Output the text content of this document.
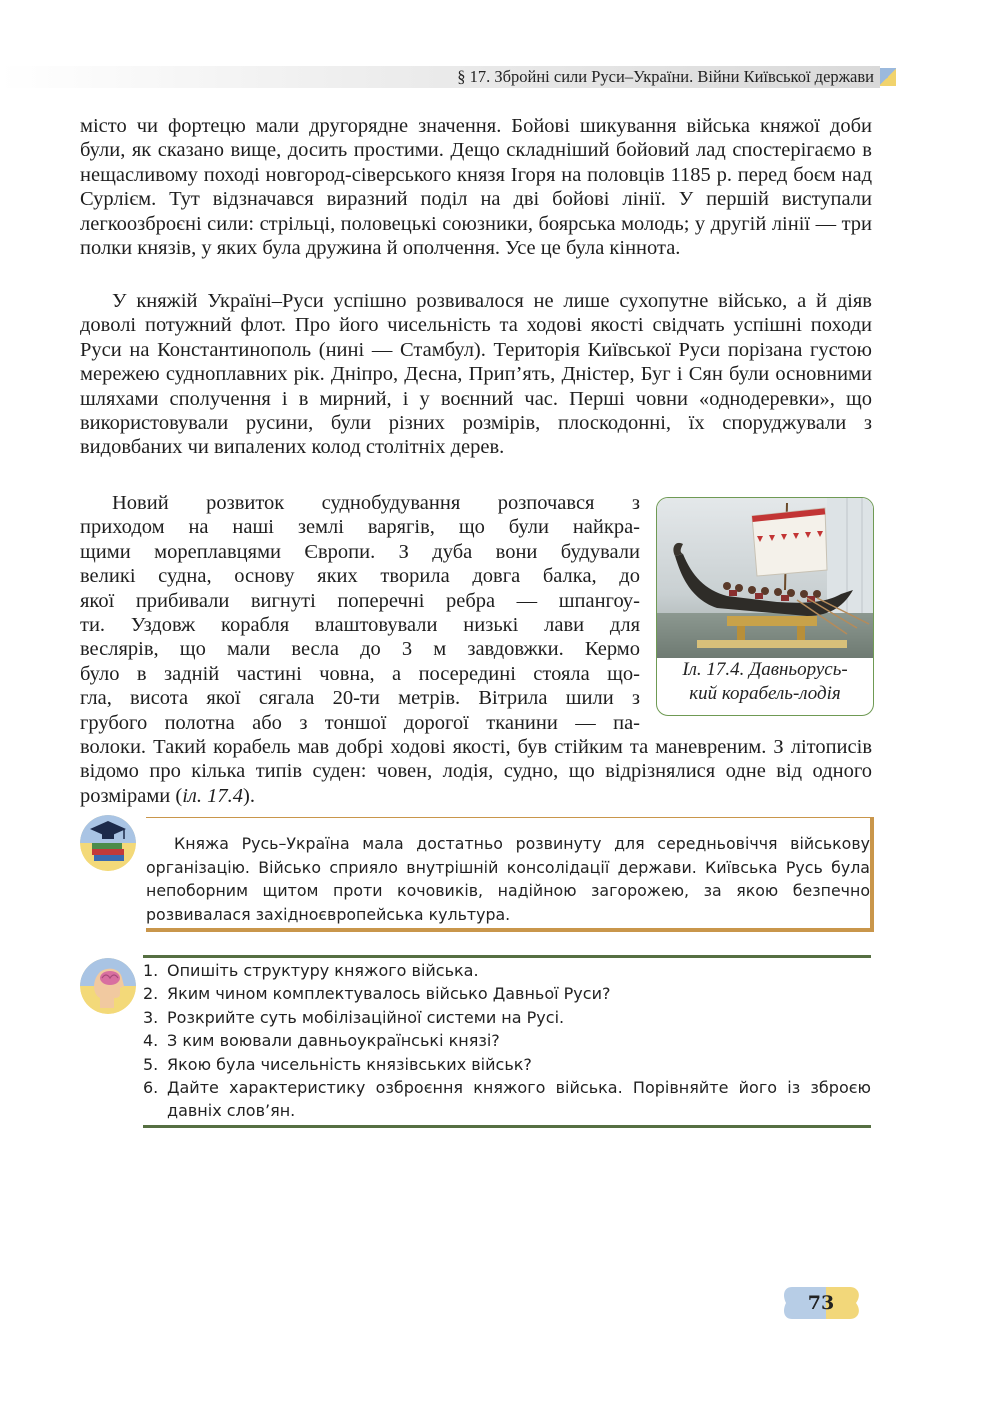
§ 17. Збройні сили Руси–України. Війни Київської держави

місто чи фортецю мали другорядне значення. Бойові шикування війська княжої доби були, як сказано вище, досить простими. Дещо складніший бойовий лад спостерігаємо в нещасливому поході новгород-сіверського князя Ігоря на половців 1185 р. перед боєм над Сурлієм. Тут відзначався виразний поділ на дві бойові лінії. У першій виступали легкоозброєні сили: стрільці, половецькі союзники, боярська молодь; у другій лінії — три полки князів, у яких була дружина й ополчення. Усе це була кіннота.

У княжій Україні–Руси успішно розвивалося не лише сухопутне військо, а й діяв доволі потужний флот. Про його чисельність та ходові якості свідчать успішні походи Руси на Константинополь (нині — Стамбул). Територія Київської Руси порізана густою мережею судноплавних рік. Дніпро, Десна, Прип’ять, Дністер, Буг і Сян були основними шляхами сполучення і в мирний, і у воєнний час. Перші човни «однодеревки», що використовували русини, були різних розмірів, плоскодонні, їх споруджували з видовбаних чи випалених колод столітніх дерев.

Новий розвиток суднобудування розпочався з
приходом на наші землі варягів, що були найкра-
щими мореплавцями Європи. З дуба вони будували
великі судна, основу яких творила довга балка, до
якої прибивали вигнуті поперечні ребра — шпангоу-
ти. Уздовж корабля влаштовували низькі лави для
веслярів, що мали весла до 3 м завдовжки. Кермо
було в задній частині човна, а посередині стояла що-
гла, висота якої сягала 20-ти метрів. Вітрила шили з
грубого полотна або з тоншої дорогої тканини — па-
волоки. Такий корабель мав добрі ходові якості, був стійким та маневреним. З літописів відомо про кілька типів суден: човен, лодія, судно, що відрізнялися одне від одного розмірами (іл. 17.4).
Іл. 17.4. Давньорусь-
кий корабель-лодія
Княжа Русь–Україна мала достатньо розвинуту для середньовіччя військову організацію. Військо сприяло внутрішній консолідації держави. Київська Русь була непоборним щитом проти кочовиків, надійною загорожею, за якою безпечно розвивалася західноєвропейська культура.
1. Опишіть структуру княжого війська.
2. Яким чином комплектувалось військо Давньої Руси?
3. Розкрийте суть мобілізаційної системи на Русі.
4. З ким воювали давньоукраїнські князі?
5. Якою була чисельність князівських військ?
6. Дайте характеристику озброєння княжого війська. Порівняйте його із зброєю давніх слов’ян.
73
